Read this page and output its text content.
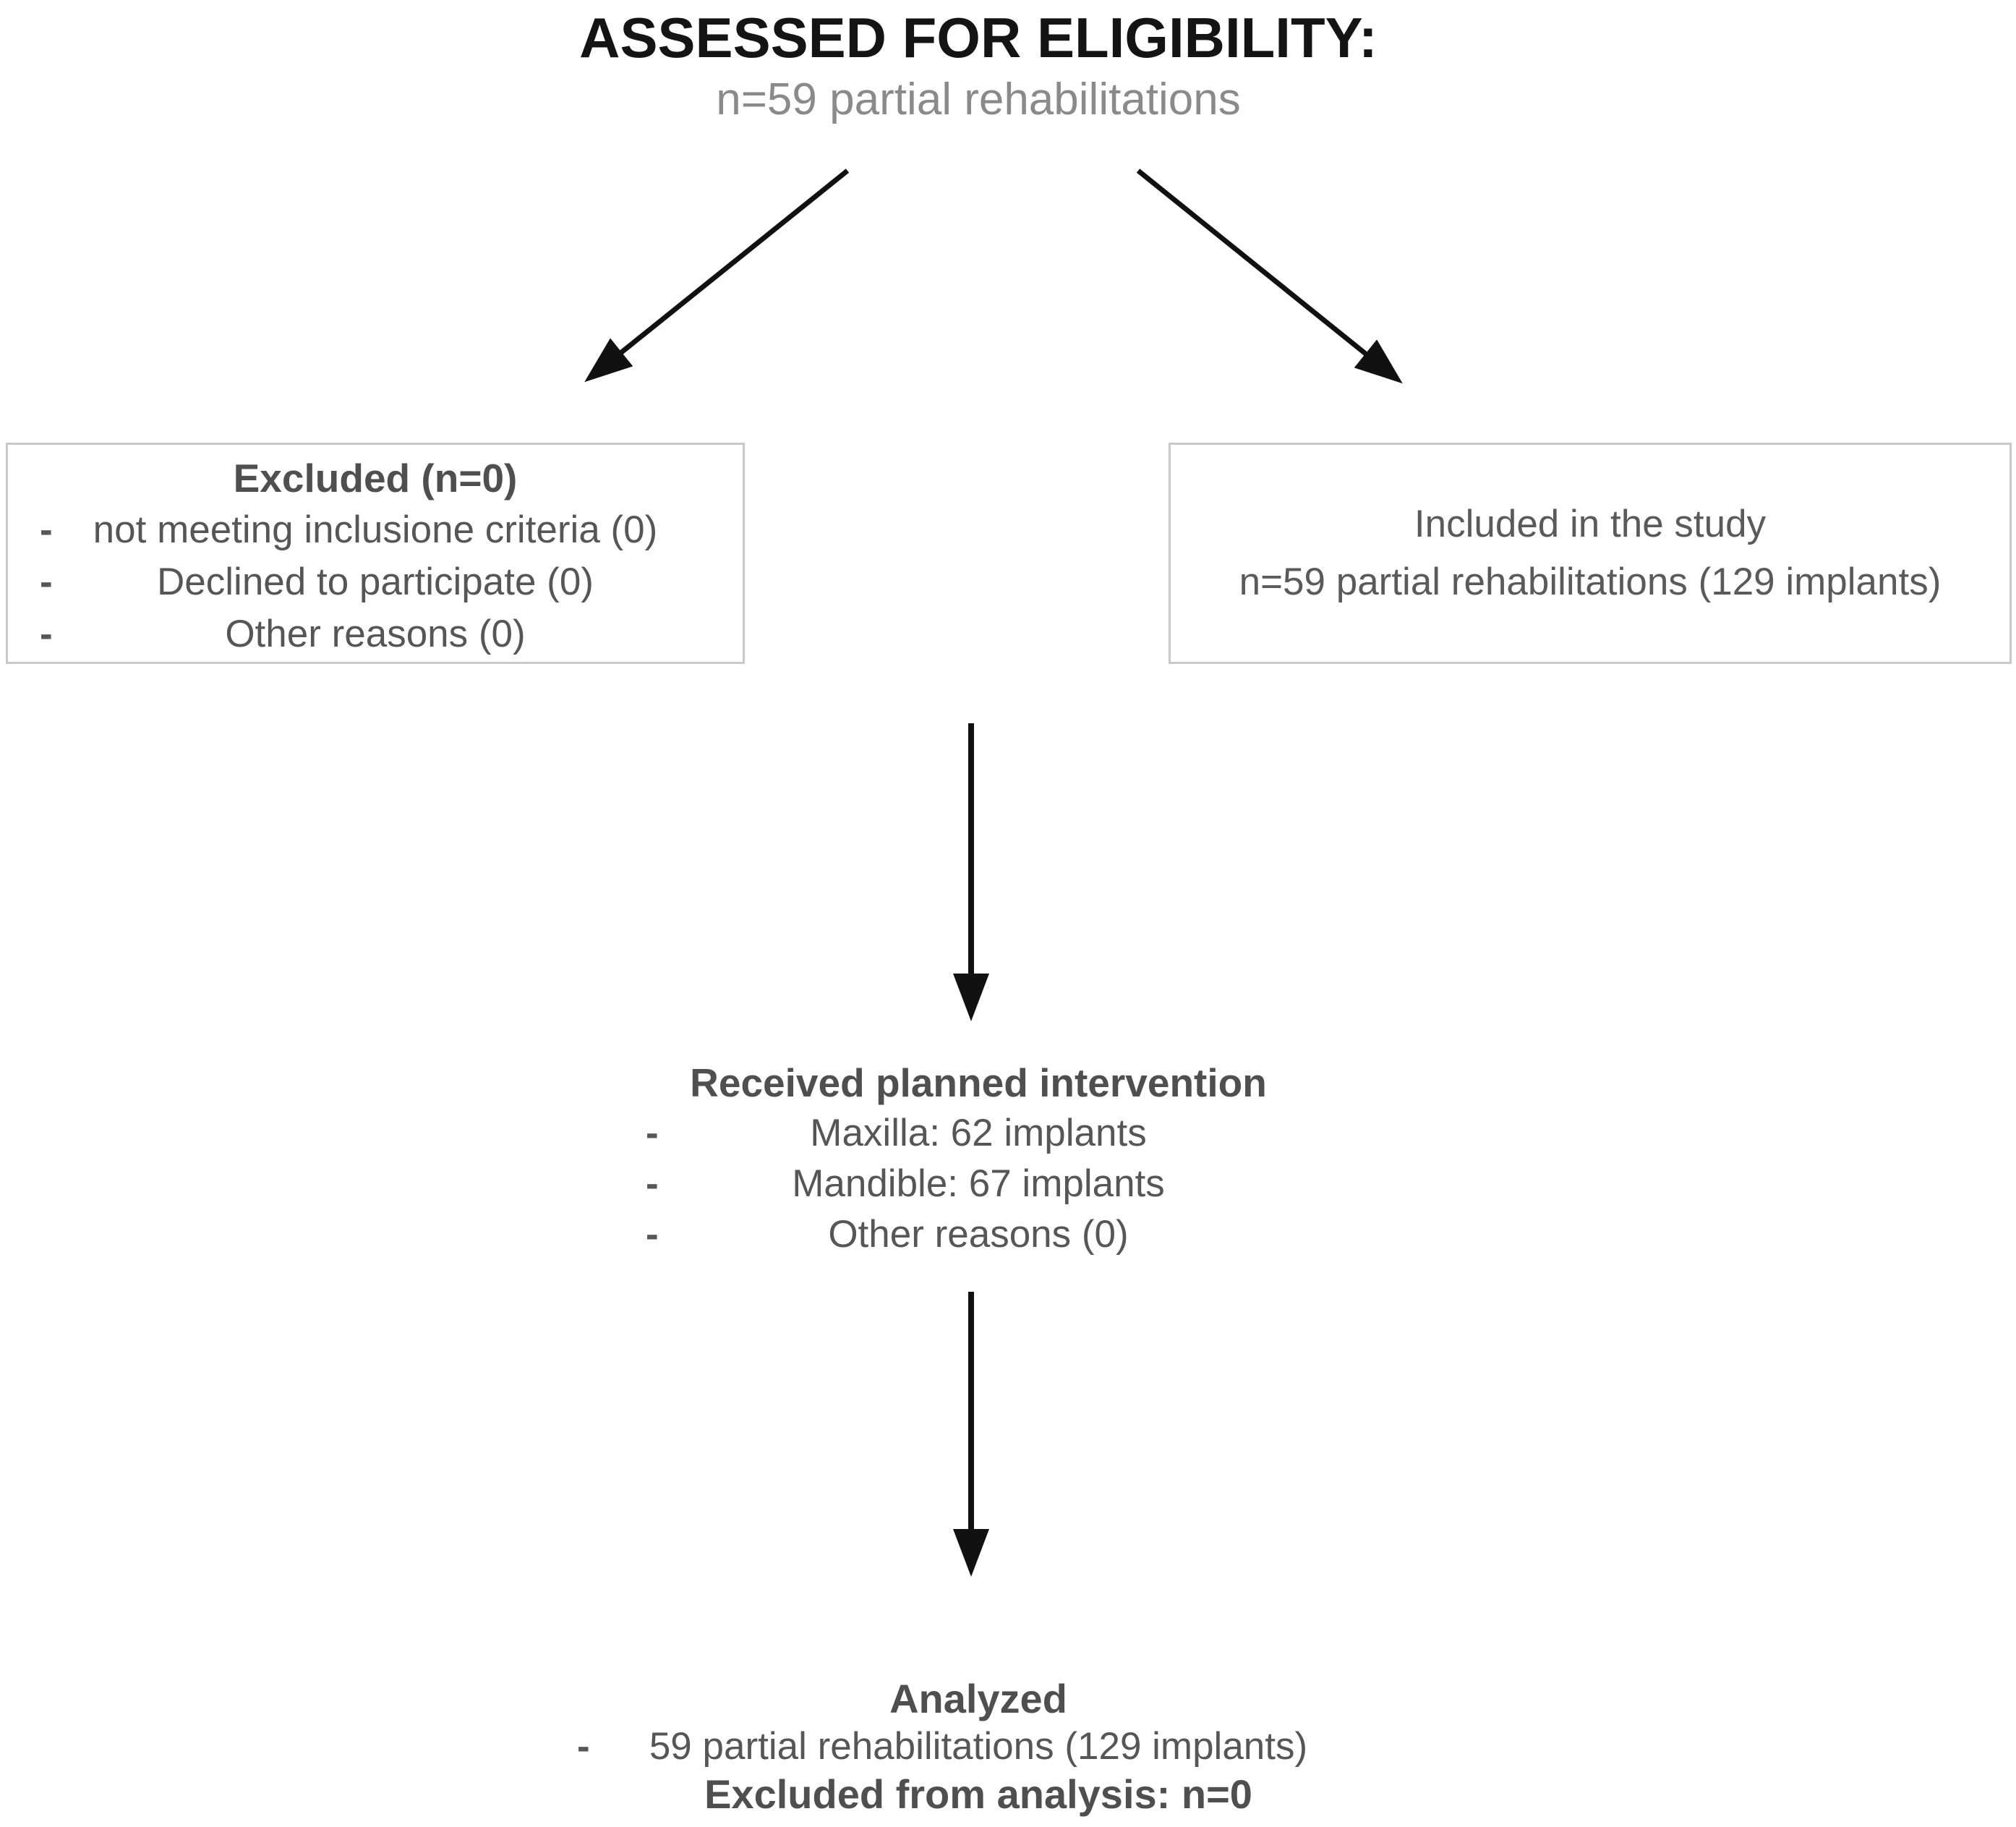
ASSESSED FOR ELIGIBILITY:
n=59 partial rehabilitations
Excluded (n=0)
- not meeting inclusione criteria (0)
-	Declined to participate (0)
-	Other reasons (0)
Included in the study
n=59 partial rehabilitations (129 implants)
Received planned intervention
-	Maxilla: 62 implants
-	Mandible: 67 implants
-	Other reasons (0)
Analyzed
- 59 partial rehabilitations (129 implants)
Excluded from analysis: n=0
